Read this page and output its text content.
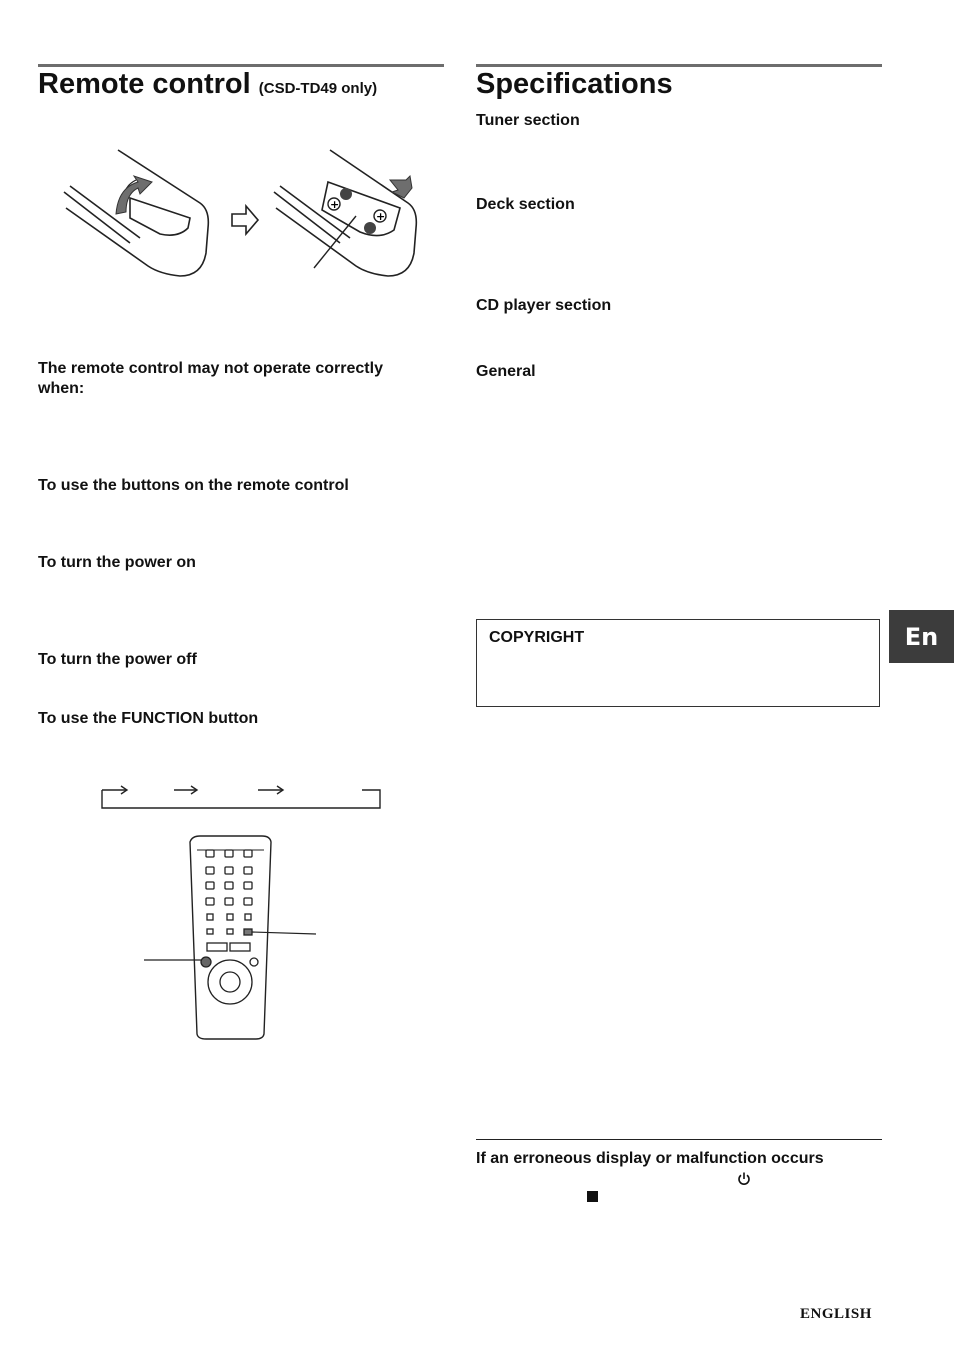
Remote control (CSD-TD49 only)
+
+
The remote control may not operate correctly when:
To use the buttons on the remote control
To turn the power on
To turn the power off
To use the FUNCTION button
Specifications
Tuner section
Deck section
CD player section
General
COPYRIGHT
If an erroneous display or malfunction occurs
En
ENGLISH
